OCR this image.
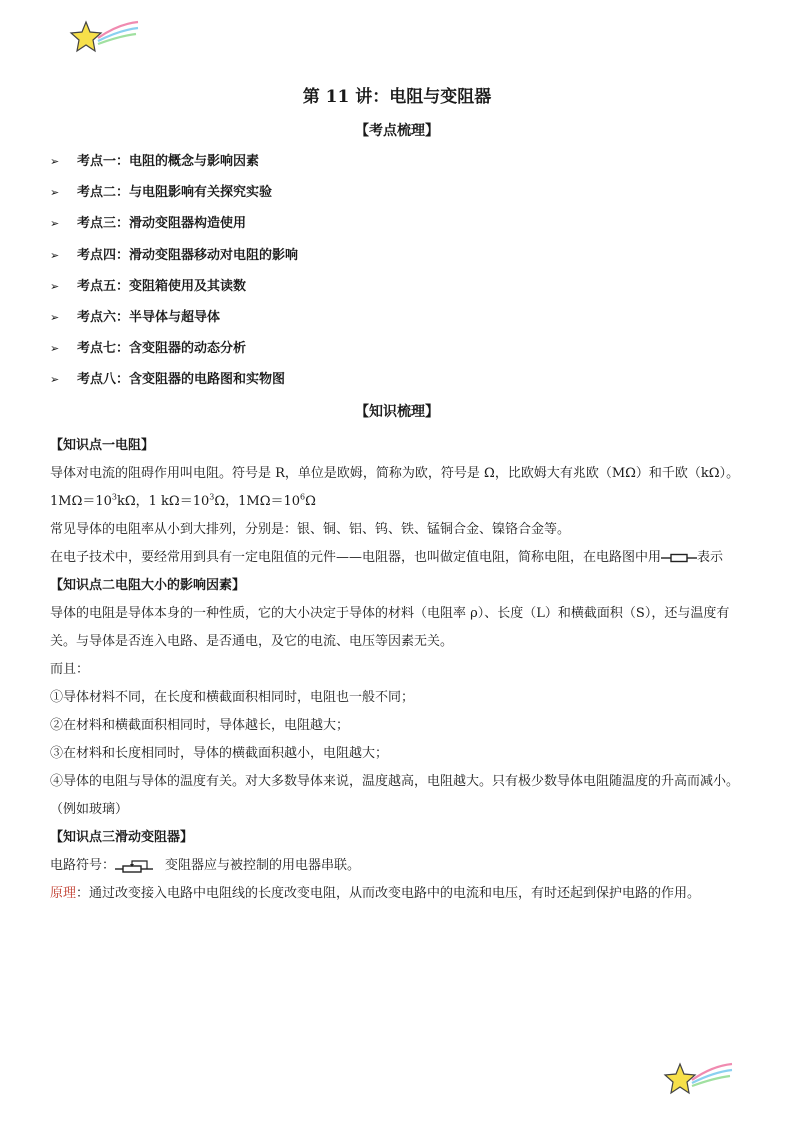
第 11 讲：电阻与变阻器
【考点梳理】
➢	考点一：电阻的概念与影响因素
➢	考点二：与电阻影响有关探究实验
➢	考点三：滑动变阻器构造使用
➢	考点四：滑动变阻器移动对电阻的影响
➢	考点五：变阻箱使用及其读数
➢	考点六：半导体与超导体
➢	考点七：含变阻器的动态分析
➢	考点八：含变阻器的电路图和实物图
【知识梳理】

【知识点一电阻】

导体对电流的阻碍作用叫电阻。符号是 R，单位是欧姆，简称为欧，符号是 Ω，比欧姆大有兆欧（MΩ）和千欧（kΩ）。

$1M\Omega=10^3k\Omega$，1 $k\Omega=10^3\Omega$，$1M\Omega=10^6\Omega$

常见导体的电阻率从小到大排列，分别是：银、铜、铝、钨、铁、锰铜合金、镍铬合金等。

在电子技术中，要经常用到具有一定电阻值的元件——电阻器，也叫做定值电阻，简称电阻，在电路图中用	表示

【知识点二电阻大小的影响因素】

导体的电阻是导体本身的一种性质，它的大小决定于导体的材料（电阻率 ρ）、长度（L）和横截面积（S），还与温度有关。与导体是否连入电路、是否通电，及它的电流、电压等因素无关。

而且：

①导体材料不同，在长度和横截面积相同时，电阻也一般不同；

②在材料和横截面积相同时，导体越长，电阻越大；

③在材料和长度相同时，导体的横截面积越小，电阻越大；

④导体的电阻与导体的温度有关。对大多数导体来说，温度越高，电阻越大。只有极少数导体电阻随温度的升高而减小。（例如玻璃）

【知识点三滑动变阻器】

电路符号：	变阻器应与被控制的用电器串联。

原理：通过改变接入电路中电阻线的长度改变电阻，从而改变电路中的电流和电压，有时还起到保护电路的作用。
